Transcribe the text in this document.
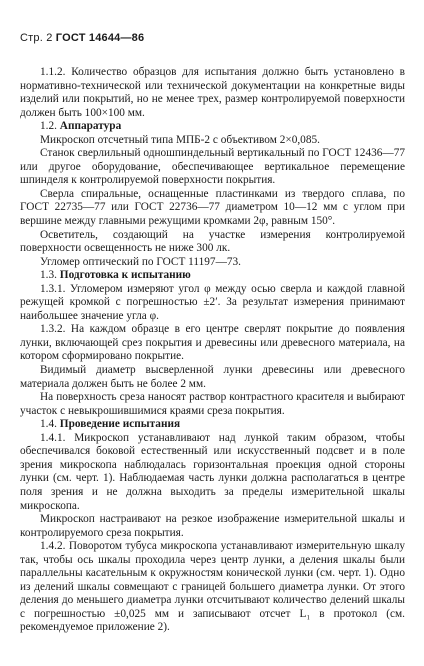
Стр. 2 ГОСТ 14644—86

1.1.2. Количество образцов для испытания должно быть установлено в нормативно-технической или технической документации на конкретные виды изделий или покрытий, но не менее трех, размер контролируемой поверхности должен быть 100×100 мм.

1.2. Аппаратура

Микроскоп отсчетный типа МПБ-2 с объективом 2×0,085.

Станок сверлильный одношпиндельный вертикальный по ГОСТ 12436—77 или другое оборудование, обеспечивающее вертикальное перемещение шпинделя к контролируемой поверхности покрытия.

Сверла спиральные, оснащенные пластинками из твердого сплава, по ГОСТ 22735—77 или ГОСТ 22736—77 диаметром 10—12 мм с углом при вершине между главными режущими кромками 2φ, равным 150°.

Осветитель, создающий на участке измерения контролируемой поверхности освещенность не ниже 300 лк.

Угломер оптический по ГОСТ 11197—73.

1.3. Подготовка к испытанию

1.3.1. Угломером измеряют угол φ между осью сверла и каждой главной режущей кромкой с погрешностью ±2′. За результат измерения принимают наибольшее значение угла φ.

1.3.2. На каждом образце в его центре сверлят покрытие до появления лунки, включающей срез покрытия и древесины или древесного материала, на котором сформировано покрытие.

Видимый диаметр высверленной лунки древесины или древесного материала должен быть не более 2 мм.

На поверхность среза наносят раствор контрастного красителя и выбирают участок с невыкрошившимися краями среза покрытия.

1.4. Проведение испытания

1.4.1. Микроскоп устанавливают над лункой таким образом, чтобы обеспечивался боковой естественный или искусственный подсвет и в поле зрения микроскопа наблюдалась горизонтальная проекция одной стороны лунки (см. черт. 1). Наблюдаемая часть лунки должна располагаться в центре поля зрения и не должна выходить за пределы измерительной шкалы микроскопа.

Микроскоп настраивают на резкое изображение измерительной шкалы и контролируемого среза покрытия.

1.4.2. Поворотом тубуса микроскопа устанавливают измерительную шкалу так, чтобы ось шкалы проходила через центр лунки, а деления шкалы были параллельны касательным к окружностям конической лунки (см. черт. 1). Одно из делений шкалы совмещают с границей большего диаметра лунки. От этого деления до меньшего диаметра лунки отсчитывают количество делений шкалы с погрешностью ±0,025 мм и записывают отсчет L₁ в протокол (см. рекомендуемое приложение 2).
